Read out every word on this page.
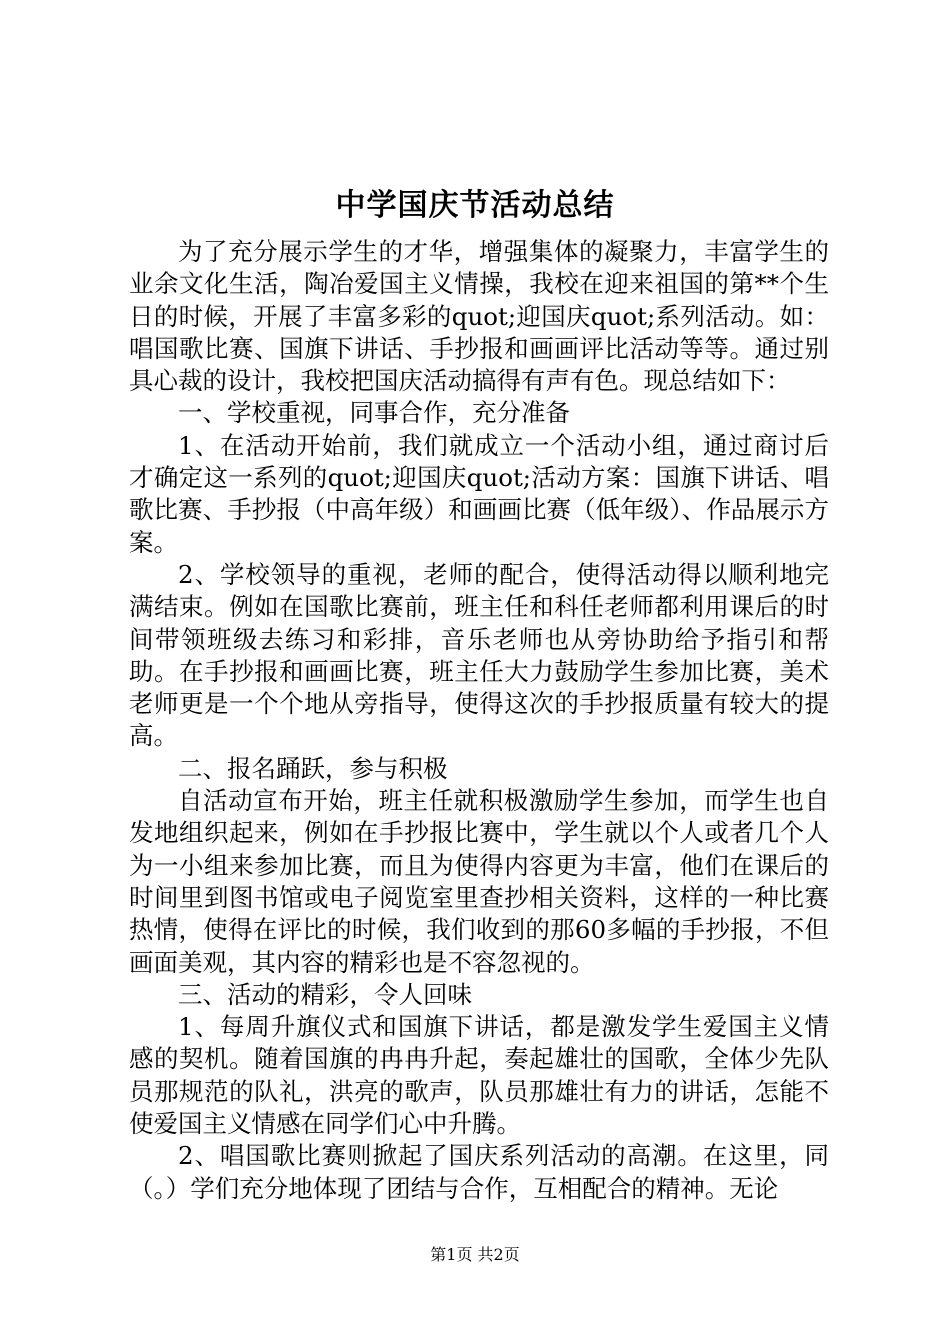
中学国庆节活动总结

为了充分展示学生的才华，增强集体的凝聚力，丰富学生的业余文化生活，陶冶爱国主义情操，我校在迎来祖国的第**个生日的时候，开展了丰富多彩的quot;迎国庆quot;系列活动。如：唱国歌比赛、国旗下讲话、手抄报和画画评比活动等等。通过别具心裁的设计，我校把国庆活动搞得有声有色。现总结如下：

一、学校重视，同事合作，充分准备

1、在活动开始前，我们就成立一个活动小组，通过商讨后才确定这一系列的quot;迎国庆quot;活动方案：国旗下讲话、唱歌比赛、手抄报（中高年级）和画画比赛（低年级）、作品展示方案。

2、学校领导的重视，老师的配合，使得活动得以顺利地完满结束。例如在国歌比赛前，班主任和科任老师都利用课后的时间带领班级去练习和彩排，音乐老师也从旁协助给予指引和帮助。在手抄报和画画比赛，班主任大力鼓励学生参加比赛，美术老师更是一个个地从旁指导，使得这次的手抄报质量有较大的提高。

二、报名踊跃，参与积极

自活动宣布开始，班主任就积极激励学生参加，而学生也自发地组织起来，例如在手抄报比赛中，学生就以个人或者几个人为一小组来参加比赛，而且为使得内容更为丰富，他们在课后的时间里到图书馆或电子阅览室里查抄相关资料，这样的一种比赛热情，使得在评比的时候，我们收到的那60多幅的手抄报，不但画面美观，其内容的精彩也是不容忽视的。

三、活动的精彩，令人回味

1、每周升旗仪式和国旗下讲话，都是激发学生爱国主义情感的契机。随着国旗的冉冉升起，奏起雄壮的国歌，全体少先队员那规范的队礼，洪亮的歌声，队员那雄壮有力的讲话，怎能不使爱国主义情感在同学们心中升腾。

2、唱国歌比赛则掀起了国庆系列活动的高潮。在这里，同（。）学们充分地体现了团结与合作，互相配合的精神。无论

第1页 共2页
